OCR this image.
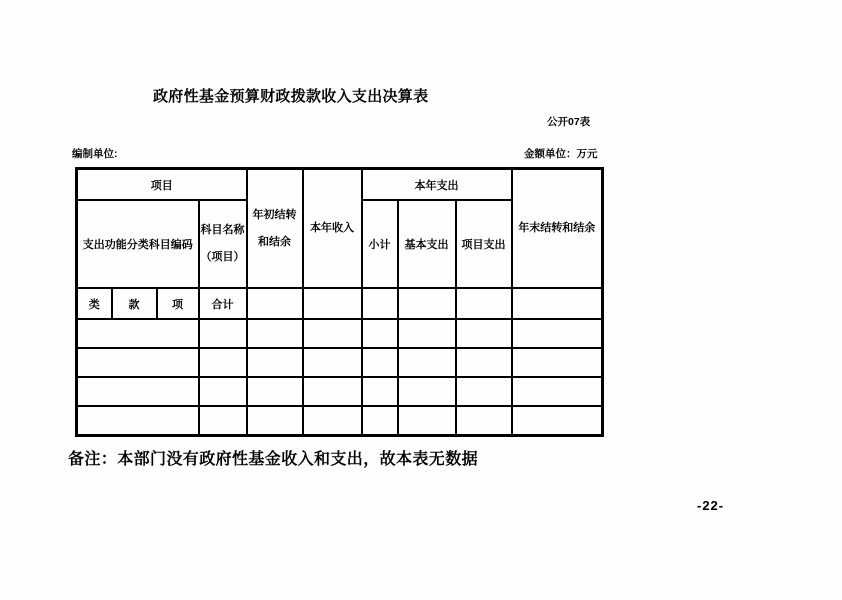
政府性基金预算财政拨款收入支出决算表
公开07表
编制单位:	金额单位：万元
项目				年初结转和结余	本年收入	本年支出			年末结转和结余
支出功能分类科目编码			科目名称（项目）			小计	基本支出	项目支出	
类	款	项	合计						

备注：本部门没有政府性基金收入和支出，故本表无数据
-22-
